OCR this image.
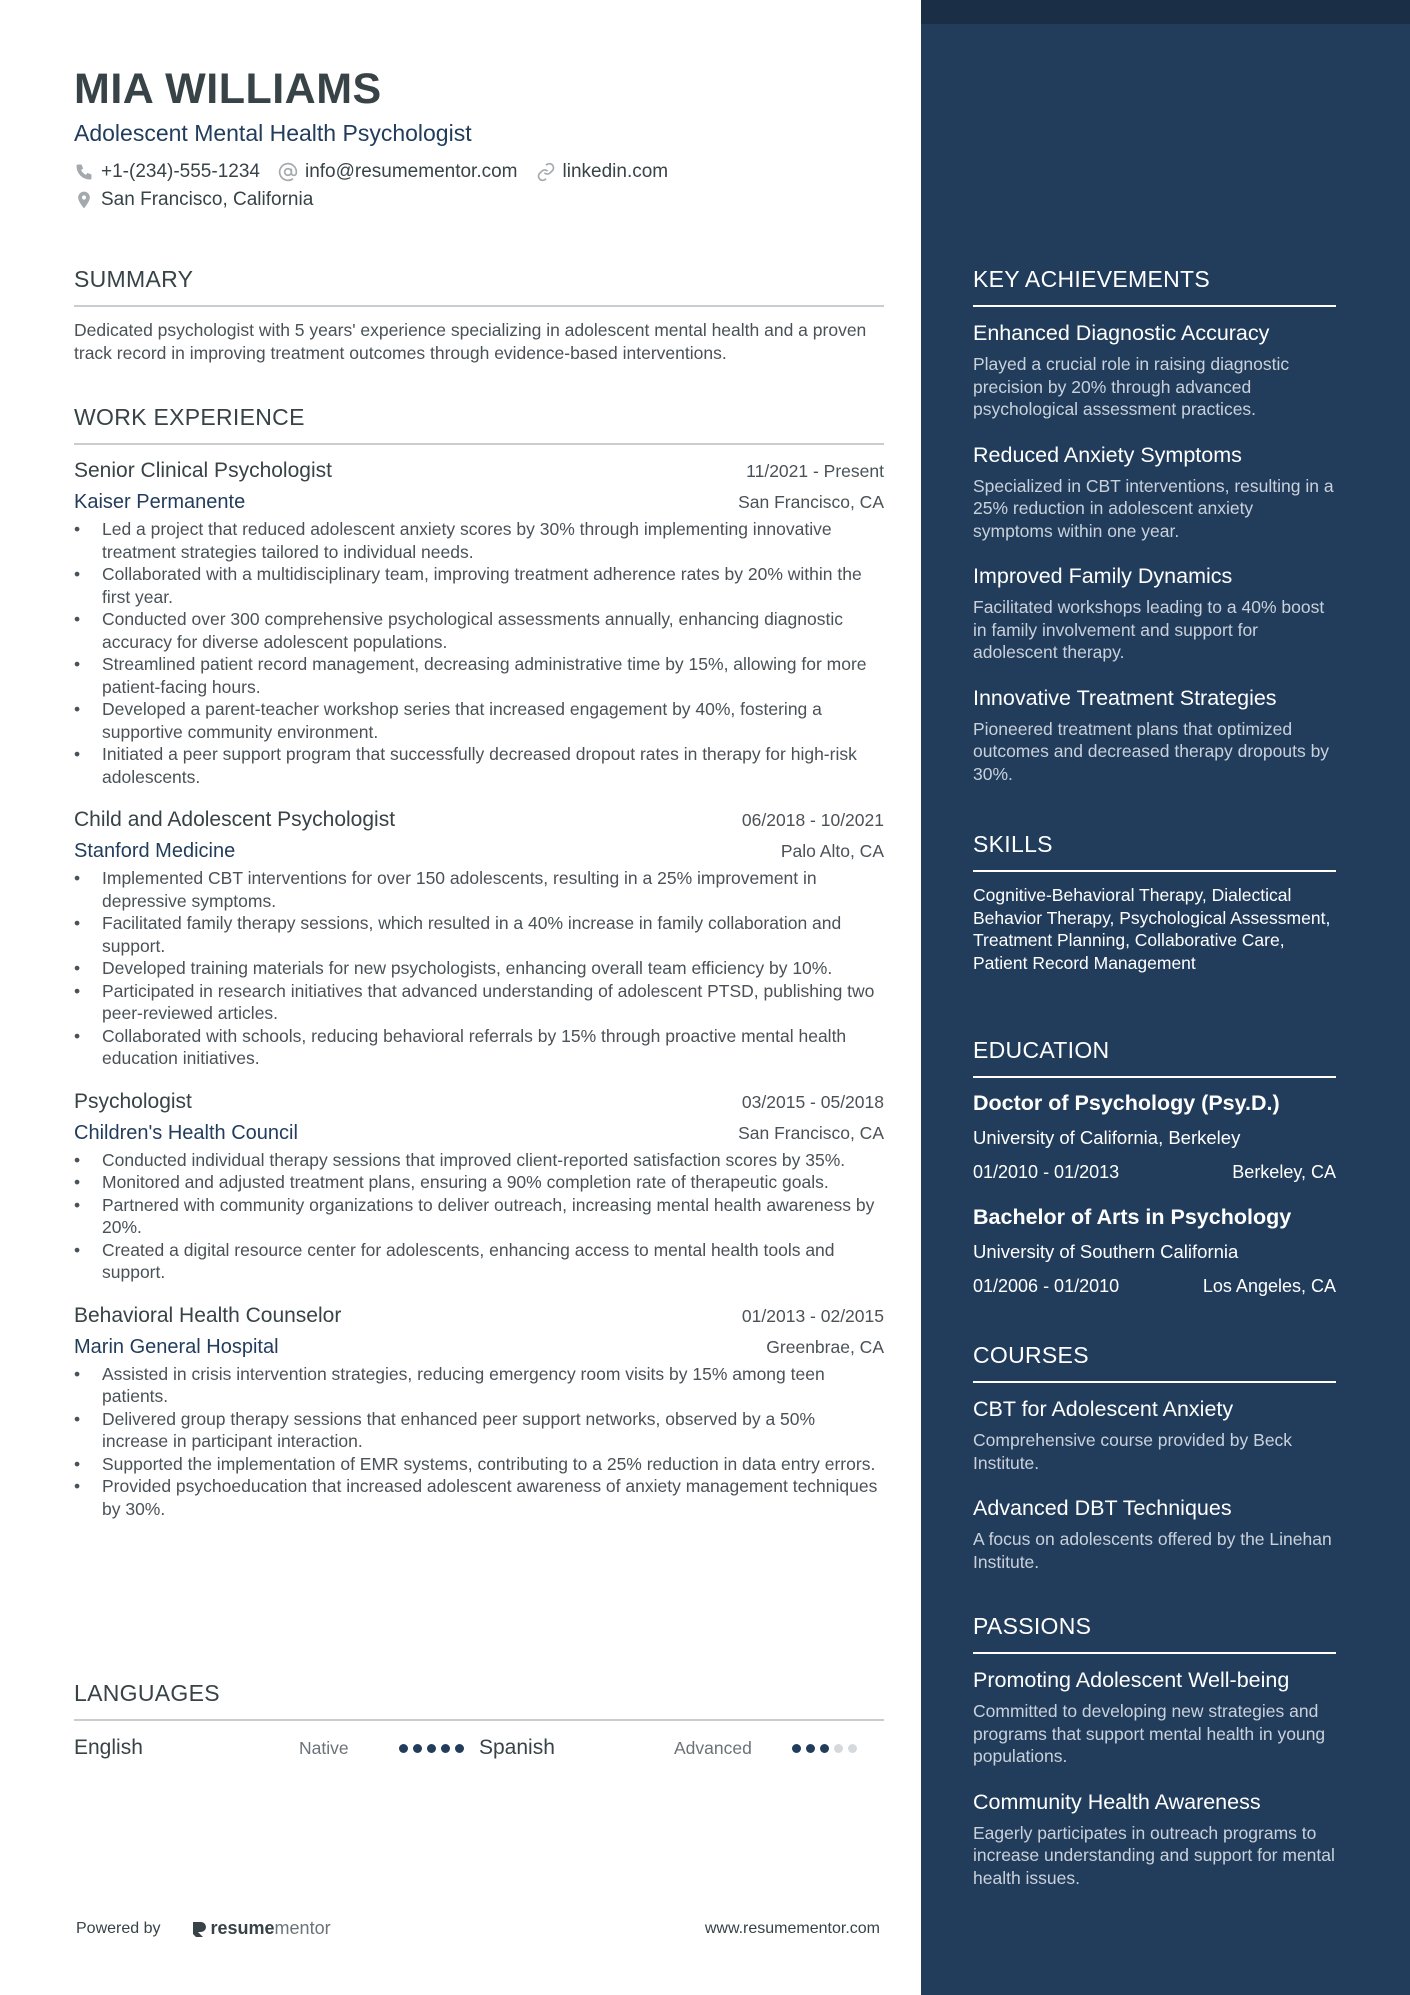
MIA WILLIAMS
Adolescent Mental Health Psychologist
+1-(234)-555-1234 info@resumementor.com linkedin.com
San Francisco, California
SUMMARY
Dedicated psychologist with 5 years' experience specializing in adolescent mental health and a proven track record in improving treatment outcomes through evidence-based interventions.
WORK EXPERIENCE
Senior Clinical Psychologist	11/2021 - Present
Kaiser Permanente	San Francisco, CA
• Led a project that reduced adolescent anxiety scores by 30% through implementing innovative treatment strategies tailored to individual needs.
• Collaborated with a multidisciplinary team, improving treatment adherence rates by 20% within the first year.
• Conducted over 300 comprehensive psychological assessments annually, enhancing diagnostic accuracy for diverse adolescent populations.
• Streamlined patient record management, decreasing administrative time by 15%, allowing for more patient-facing hours.
• Developed a parent-teacher workshop series that increased engagement by 40%, fostering a supportive community environment.
• Initiated a peer support program that successfully decreased dropout rates in therapy for high-risk adolescents.
Child and Adolescent Psychologist	06/2018 - 10/2021
Stanford Medicine	Palo Alto, CA
• Implemented CBT interventions for over 150 adolescents, resulting in a 25% improvement in depressive symptoms.
• Facilitated family therapy sessions, which resulted in a 40% increase in family collaboration and support.
• Developed training materials for new psychologists, enhancing overall team efficiency by 10%.
• Participated in research initiatives that advanced understanding of adolescent PTSD, publishing two peer-reviewed articles.
• Collaborated with schools, reducing behavioral referrals by 15% through proactive mental health education initiatives.
Psychologist	03/2015 - 05/2018
Children's Health Council	San Francisco, CA
• Conducted individual therapy sessions that improved client-reported satisfaction scores by 35%.
• Monitored and adjusted treatment plans, ensuring a 90% completion rate of therapeutic goals.
• Partnered with community organizations to deliver outreach, increasing mental health awareness by 20%.
• Created a digital resource center for adolescents, enhancing access to mental health tools and support.
Behavioral Health Counselor	01/2013 - 02/2015
Marin General Hospital	Greenbrae, CA
• Assisted in crisis intervention strategies, reducing emergency room visits by 15% among teen patients.
• Delivered group therapy sessions that enhanced peer support networks, observed by a 50% increase in participant interaction.
• Supported the implementation of EMR systems, contributing to a 25% reduction in data entry errors.
• Provided psychoeducation that increased adolescent awareness of anxiety management techniques by 30%.
LANGUAGES
English	Native	Spanish	Advanced
Powered by	resume mentor	www.resumementor.com
KEY ACHIEVEMENTS
Enhanced Diagnostic Accuracy
Played a crucial role in raising diagnostic precision by 20% through advanced psychological assessment practices.
Reduced Anxiety Symptoms
Specialized in CBT interventions, resulting in a 25% reduction in adolescent anxiety symptoms within one year.
Improved Family Dynamics
Facilitated workshops leading to a 40% boost in family involvement and support for adolescent therapy.
Innovative Treatment Strategies
Pioneered treatment plans that optimized outcomes and decreased therapy dropouts by 30%.
SKILLS
Cognitive-Behavioral Therapy, Dialectical Behavior Therapy, Psychological Assessment, Treatment Planning, Collaborative Care, Patient Record Management
EDUCATION
Doctor of Psychology (Psy.D.)
University of California, Berkeley
01/2010 - 01/2013	Berkeley, CA
Bachelor of Arts in Psychology
University of Southern California
01/2006 - 01/2010	Los Angeles, CA
COURSES
CBT for Adolescent Anxiety
Comprehensive course provided by Beck Institute.
Advanced DBT Techniques
A focus on adolescents offered by the Linehan Institute.
PASSIONS
Promoting Adolescent Well-being
Committed to developing new strategies and programs that support mental health in young populations.
Community Health Awareness
Eagerly participates in outreach programs to increase understanding and support for mental health issues.
